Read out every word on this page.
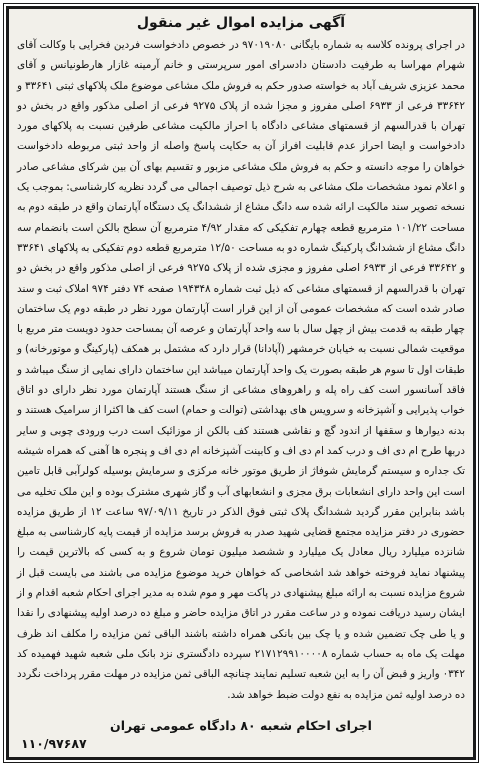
آگهی مزایده اموال غیر منقول

در اجرای پرونده کلاسه به شماره بایگانی ۹۷۰۱۹۰۸۰ در خصوص دادخواست فردین فخرایی با وکالت آقای شهرام مهراسا به طرفیت دادستان دادسرای امور سرپرستی و خانم آرمینه غازار هارطونیانس و آقای محمد عزیزی شریف آباد به خواسته صدور حکم به فروش ملک مشاعی موضوع ملک پلاکهای ثبتی ۳۳۶۴۱ و ۳۳۶۴۲ فرعی از ۶۹۳۳ اصلی مفروز و مجزا شده از پلاک ۹۲۷۵ فرعی از اصلی مذکور واقع در بخش دو تهران با قدرالسهم از قسمتهای مشاعی دادگاه با احراز مالکیت مشاعی طرفین نسبت به پلاکهای مورد دادخواست و ایضا احراز عدم قابلیت افراز آن به حکایت پاسخ واصله از واحد ثبتی مربوطه دادخواست خواهان را موجه دانسته و حکم به فروش ملک مشاعی مزبور و تقسیم بهای آن بین شرکای مشاعی صادر و اعلام نمود مشخصات ملک مشاعی به شرح ذیل توصیف اجمالی می گردد نظریه کارشناسی: بموجب یک نسخه تصویر سند مالکیت ارائه شده سه دانگ مشاع از ششدانگ یک دستگاه آپارتمان واقع در طبقه دوم به مساحت ۱۰۱/۲۲ مترمربع قطعه چهارم تفکیکی که مقدار ۴/۹۲ مترمربع آن سطح بالکن است بانضمام سه دانگ مشاع از ششدانگ پارکینگ شماره دو به مساحت ۱۲/۵۰ مترمربع قطعه دوم تفکیکی به پلاکهای ۳۳۶۴۱ و ۳۳۶۴۲ فرعی از ۶۹۳۳ اصلی مفروز و مجزی شده از پلاک ۹۲۷۵ فرعی از اصلی مذکور واقع در بخش دو تهران با قدرالسهم از قسمتهای مشاعی که ذیل ثبت شماره ۱۹۴۳۴۸ صفحه ۷۴ دفتر ۹۷۴ املاک ثبت و سند صادر شده است که مشخصات عمومی آن از این قرار است آپارتمان مورد نظر در طبقه دوم یک ساختمان چهار طبقه به قدمت بیش از چهل سال با سه واحد آپارتمان و عرصه آن بمساحت حدود دویست متر مربع با موقعیت شمالی نسبت به خیابان خرمشهر (آپادانا) قرار دارد که مشتمل بر همکف (پارکینگ و موتورخانه) و طبقات اول تا سوم هر طبقه بصورت یک واحد آپارتمان میباشد این ساختمان دارای نمایی از سنگ میباشد و فاقد آسانسور است کف راه پله و راهروهای مشاعی از سنگ هستند آپارتمان مورد نظر دارای دو اتاق خواب پذیرایی و آشپزخانه و سرویس های بهداشتی (توالت و حمام) است کف ها اکثرا از سرامیک هستند و بدنه دیوارها و سقفها از اندود گچ و نقاشی هستند کف بالکن از موزائیک است درب ورودی چوبی و سایر دربها طرح ام دی اف و درب کمد ام دی اف و کابینت آشپزخانه ام دی اف و پنجره ها آهنی که همراه شیشه تک جداره و سیستم گرمایش شوفاژ از طریق موتور خانه مرکزی و سرمایش بوسیله کولرآبی قابل تامین است این واحد دارای انشعابات برق مجزی و انشعابهای آب و گاز شهری مشترک بوده و این ملک تخلیه می باشد بنابراین مقرر گردید ششدانگ پلاک ثبتی فوق الذکر در تاریخ ۹۷/۰۹/۱۱ ساعت ۱۲ از طریق مزایده حضوری در دفتر مزایده مجتمع قضایی شهید صدر به فروش برسد مزایده از قیمت پایه کارشناسی به مبلغ شانزده میلیارد ریال معادل یک میلیارد و ششصد میلیون تومان شروع و به کسی که بالاترین قیمت را پیشنهاد نماید فروخته خواهد شد اشخاصی که خواهان خرید موضوع مزایده می باشند می بایست قبل از شروع مزایده نسبت به ارائه مبلغ پیشنهادی در پاکت مهر و موم شده به مدیر اجرای احکام شعبه اقدام و از ایشان رسید دریافت نموده و در ساعت مقرر در اتاق مزایده حاضر و مبلغ ده درصد اولیه پیشنهادی را نقدا و یا طی چک تضمین شده و یا چک بین بانکی همراه داشته باشند الباقی ثمن مزایده را مکلف اند ظرف مهلت یک ماه به حساب شماره ۲۱۷۱۲۹۹۱۰۰۰۰۸ سپرده دادگستری نزد بانک ملی شعبه شهید فهمیده کد ۰۳۴۲ واریز و قبض آن را به این شعبه تسلیم نمایند چنانچه الباقی ثمن مزایده در مهلت مقرر پرداخت نگردد ده درصد اولیه ثمن مزایده به نفع دولت ضبط خواهد شد.

اجرای احکام شعبه ۸۰ دادگاه عمومی تهران
۱۱۰/۹۷۶۸۷
